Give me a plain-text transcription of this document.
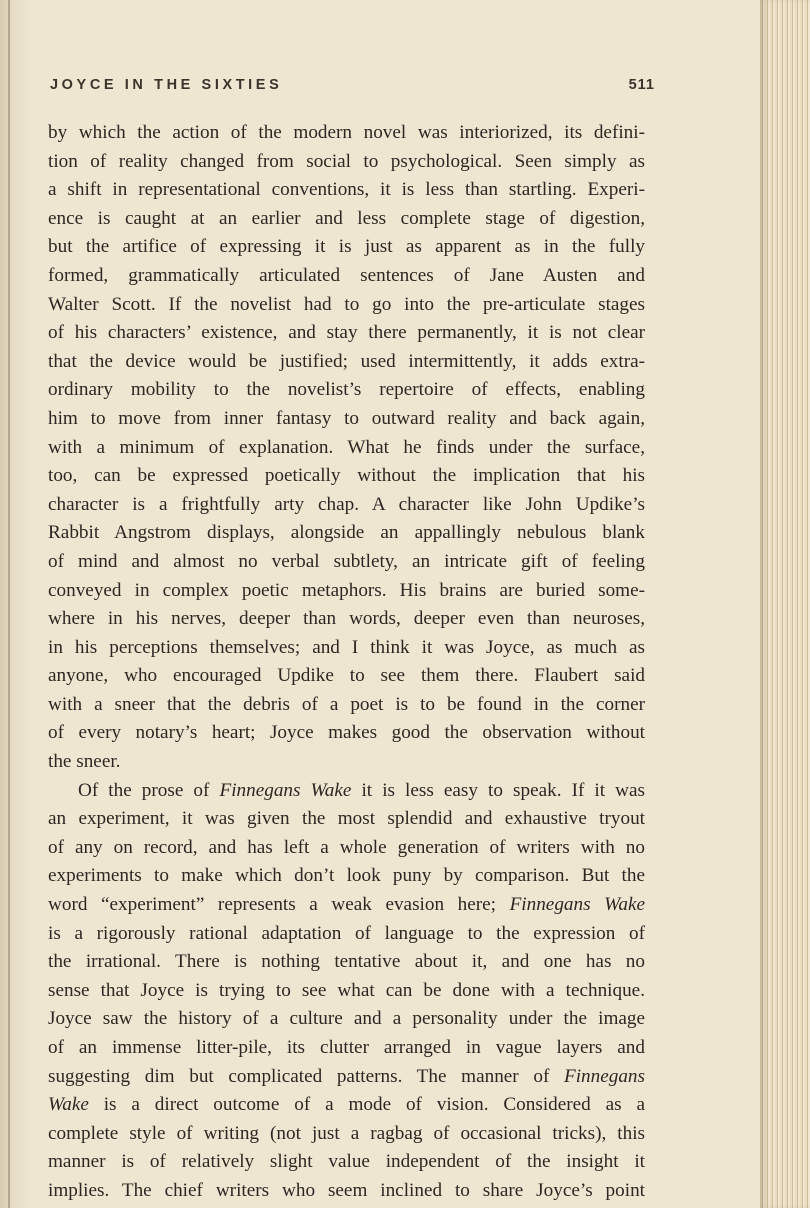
JOYCE IN THE SIXTIES	511
by which the action of the modern novel was interiorized, its defini-
tion of reality changed from social to psychological. Seen simply as
a shift in representational conventions, it is less than startling. Experi-
ence is caught at an earlier and less complete stage of digestion,
but the artifice of expressing it is just as apparent as in the fully
formed, grammatically articulated sentences of Jane Austen and
Walter Scott. If the novelist had to go into the pre-articulate stages
of his characters’ existence, and stay there permanently, it is not clear
that the device would be justified; used intermittently, it adds extra-
ordinary mobility to the novelist’s repertoire of effects, enabling
him to move from inner fantasy to outward reality and back again,
with a minimum of explanation. What he finds under the surface,
too, can be expressed poetically without the implication that his
character is a frightfully arty chap. A character like John Updike’s
Rabbit Angstrom displays, alongside an appallingly nebulous blank
of mind and almost no verbal subtlety, an intricate gift of feeling
conveyed in complex poetic metaphors. His brains are buried some-
where in his nerves, deeper than words, deeper even than neuroses,
in his perceptions themselves; and I think it was Joyce, as much as
anyone, who encouraged Updike to see them there. Flaubert said
with a sneer that the debris of a poet is to be found in the corner
of every notary’s heart; Joyce makes good the observation without
the sneer.
Of the prose of Finnegans Wake it is less easy to speak. If it was
an experiment, it was given the most splendid and exhaustive tryout
of any on record, and has left a whole generation of writers with no
experiments to make which don’t look puny by comparison. But the
word “experiment” represents a weak evasion here; Finnegans Wake
is a rigorously rational adaptation of language to the expression of
the irrational. There is nothing tentative about it, and one has no
sense that Joyce is trying to see what can be done with a technique.
Joyce saw the history of a culture and a personality under the image
of an immense litter-pile, its clutter arranged in vague layers and
suggesting dim but complicated patterns. The manner of Finnegans
Wake is a direct outcome of a mode of vision. Considered as a
complete style of writing (not just a ragbag of occasional tricks), this
manner is of relatively slight value independent of the insight it
implies. The chief writers who seem inclined to share Joyce’s point
